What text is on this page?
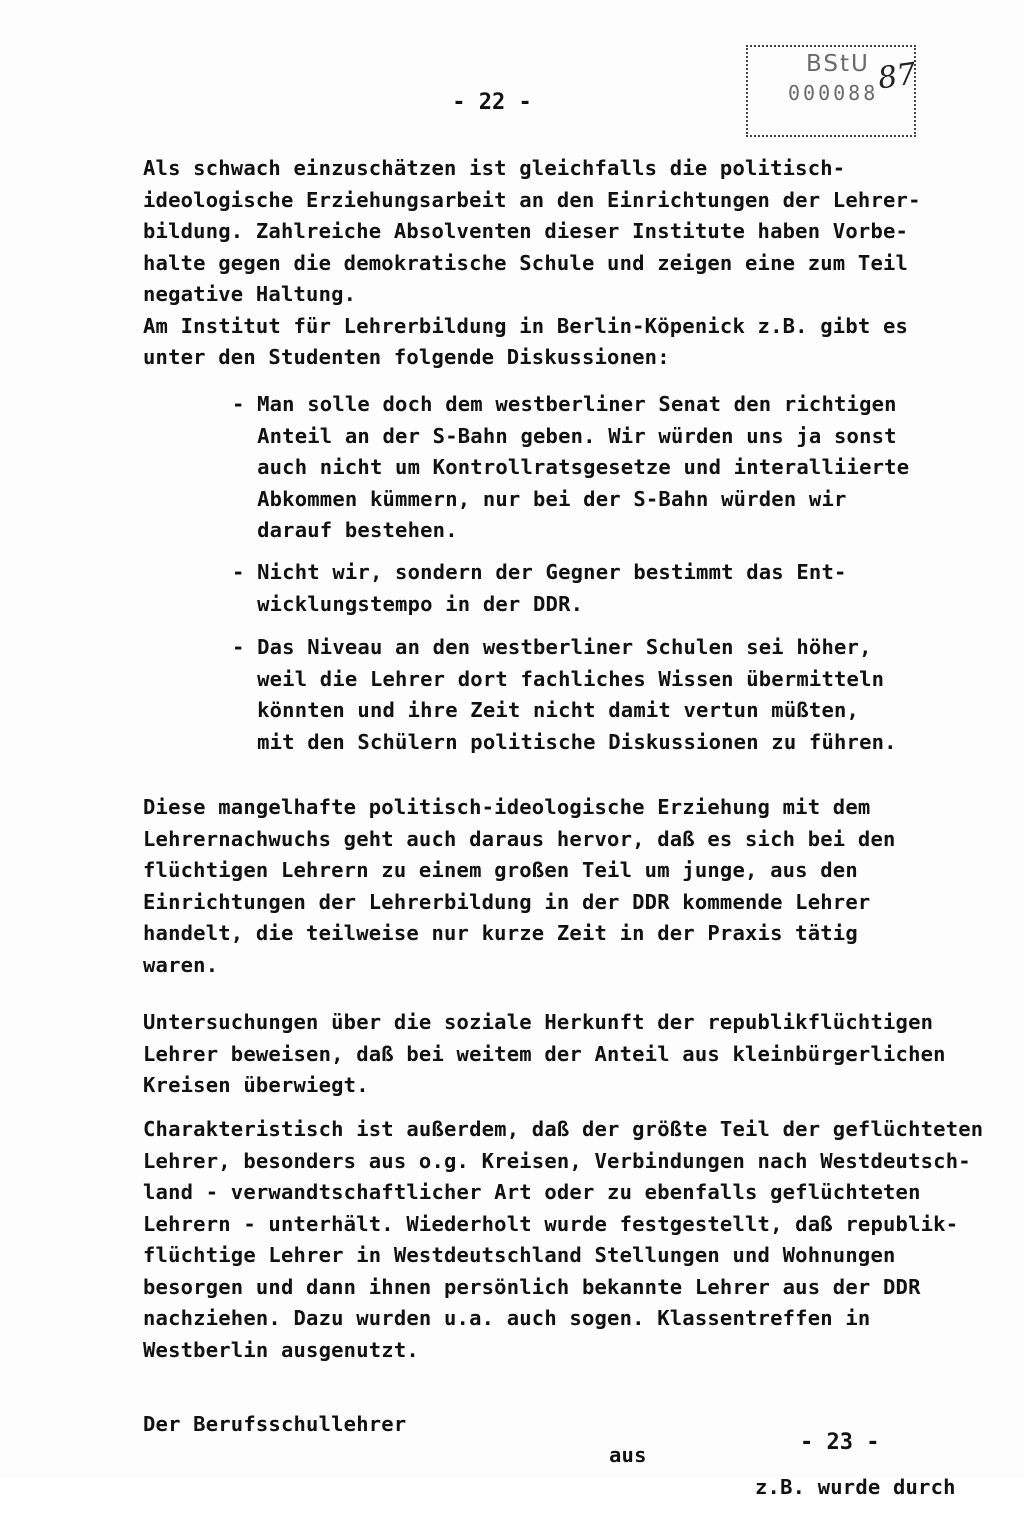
BStU
000088
87
- 22 -
Als schwach einzuschätzen ist gleichfalls die politisch-
ideologische Erziehungsarbeit an den Einrichtungen der Lehrer-
bildung. Zahlreiche Absolventen dieser Institute haben Vorbe-
halte gegen die demokratische Schule und zeigen eine zum Teil
negative Haltung.
Am Institut für Lehrerbildung in Berlin-Köpenick z.B. gibt es
unter den Studenten folgende Diskussionen:
- Man solle doch dem westberliner Senat den richtigen
Anteil an der S-Bahn geben. Wir würden uns ja sonst
auch nicht um Kontrollratsgesetze und interalliierte
Abkommen kümmern, nur bei der S-Bahn würden wir
darauf bestehen.
- Nicht wir, sondern der Gegner bestimmt das Ent-
wicklungstempo in der DDR.
- Das Niveau an den westberliner Schulen sei höher,
weil die Lehrer dort fachliches Wissen übermitteln
könnten und ihre Zeit nicht damit vertun müßten,
mit den Schülern politische Diskussionen zu führen.
Diese mangelhafte politisch-ideologische Erziehung mit dem
Lehrernachwuchs geht auch daraus hervor, daß es sich bei den
flüchtigen Lehrern zu einem großen Teil um junge, aus den
Einrichtungen der Lehrerbildung in der DDR kommende Lehrer
handelt, die teilweise nur kurze Zeit in der Praxis tätig
waren.
Untersuchungen über die soziale Herkunft der republikflüchtigen
Lehrer beweisen, daß bei weitem der Anteil aus kleinbürgerlichen
Kreisen überwiegt.
Charakteristisch ist außerdem, daß der größte Teil der geflüchteten
Lehrer, besonders aus o.g. Kreisen, Verbindungen nach Westdeutsch-
land - verwandtschaftlicher Art oder zu ebenfalls geflüchteten
Lehrern - unterhält. Wiederholt wurde festgestellt, daß republik-
flüchtige Lehrer in Westdeutschland Stellungen und Wohnungen
besorgen und dann ihnen persönlich bekannte Lehrer aus der DDR
nachziehen. Dazu wurden u.a. auch sogen. Klassentreffen in
Westberlin ausgenutzt.

Der Berufsschullehrer

aus

z.B. wurde durch

- 23 -
